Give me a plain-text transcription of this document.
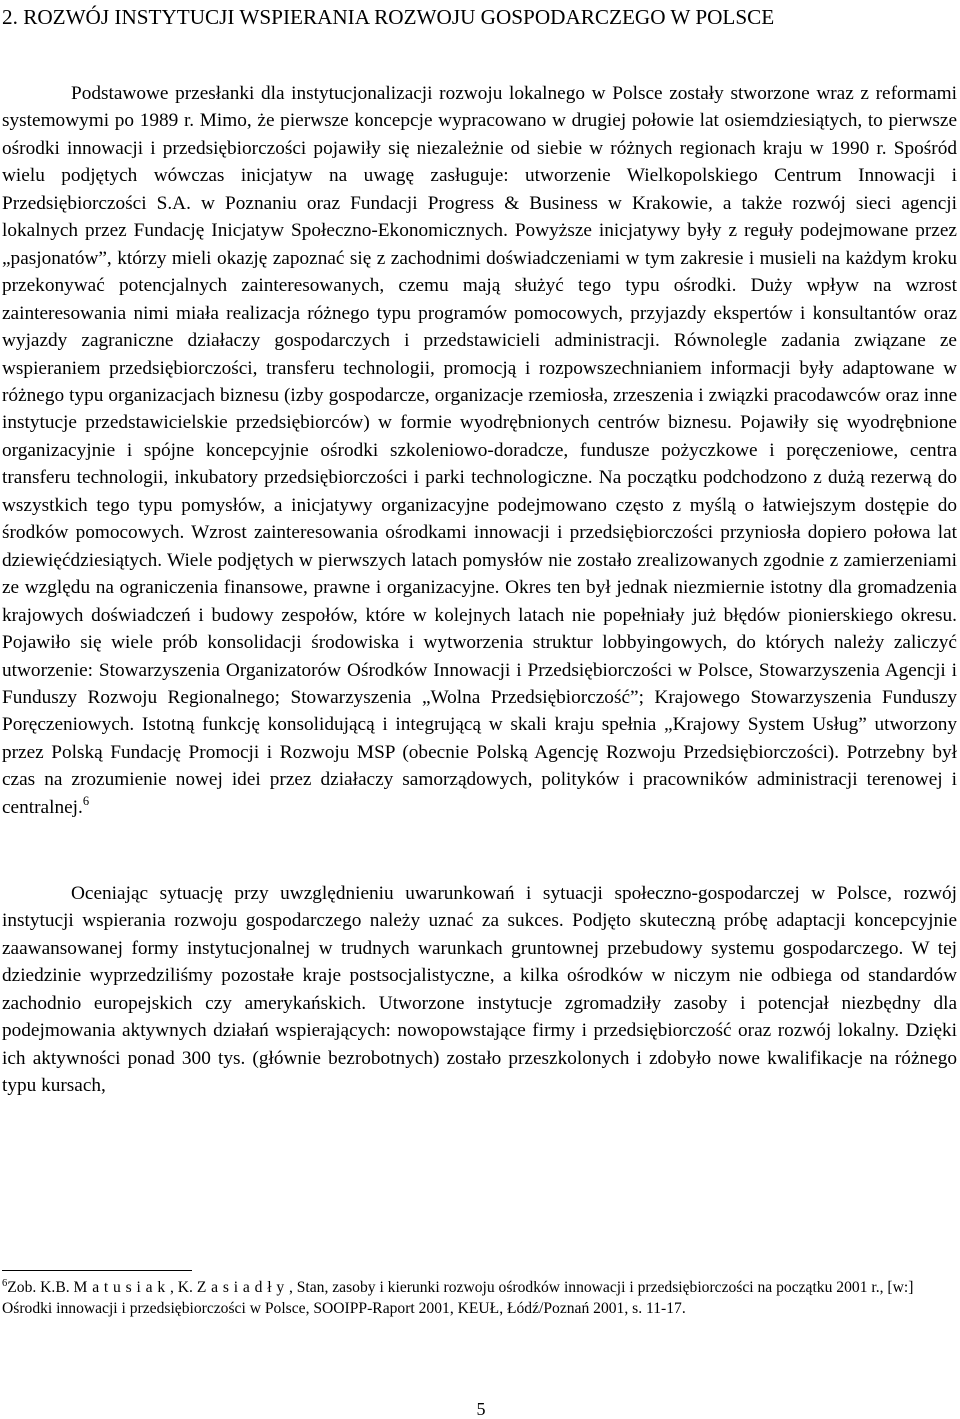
2. ROZWÓJ INSTYTUCJI WSPIERANIA ROZWOJU GOSPODARCZEGO W POLSCE

Podstawowe przesłanki dla instytucjonalizacji rozwoju lokalnego w Polsce zostały stworzone wraz z reformami systemowymi po 1989 r. Mimo, że pierwsze koncepcje wypracowano w drugiej połowie lat osiemdziesiątych, to pierwsze ośrodki innowacji i przedsiębiorczości pojawiły się niezależnie od siebie w różnych regionach kraju w 1990 r. Spośród wielu podjętych wówczas inicjatyw na uwagę zasługuje: utworzenie Wielkopolskiego Centrum Innowacji i Przedsiębiorczości S.A. w Poznaniu oraz Fundacji Progress & Business w Krakowie, a także rozwój sieci agencji lokalnych przez Fundację Inicjatyw Społeczno-Ekonomicznych. Powyższe inicjatywy były z reguły podejmowane przez „pasjonatów”, którzy mieli okazję zapoznać się z zachodnimi doświadczeniami w tym zakresie i musieli na każdym kroku przekonywać potencjalnych zainteresowanych, czemu mają służyć tego typu ośrodki. Duży wpływ na wzrost zainteresowania nimi miała realizacja różnego typu programów pomocowych, przyjazdy ekspertów i konsultantów oraz wyjazdy zagraniczne działaczy gospodarczych i przedstawicieli administracji. Równolegle zadania związane ze wspieraniem przedsiębiorczości, transferu technologii, promocją i rozpowszechnianiem informacji były adaptowane w różnego typu organizacjach biznesu (izby gospodarcze, organizacje rzemiosła, zrzeszenia i związki pracodawców oraz inne instytucje przedstawicielskie przedsiębiorców) w formie wyodrębnionych centrów biznesu. Pojawiły się wyodrębnione organizacyjnie i spójne koncepcyjnie ośrodki szkoleniowo-doradcze, fundusze pożyczkowe i poręczeniowe, centra transferu technologii, inkubatory przedsiębiorczości i parki technologiczne. Na początku podchodzono z dużą rezerwą do wszystkich tego typu pomysłów, a inicjatywy organizacyjne podejmowano często z myślą o łatwiejszym dostępie do środków pomocowych. Wzrost zainteresowania ośrodkami innowacji i przedsiębiorczości przyniosła dopiero połowa lat dziewięćdziesiątych. Wiele podjętych w pierwszych latach pomysłów nie zostało zrealizowanych zgodnie z zamierzeniami ze względu na ograniczenia finansowe, prawne i organizacyjne. Okres ten był jednak niezmiernie istotny dla gromadzenia krajowych doświadczeń i budowy zespołów, które w kolejnych latach nie popełniały już błędów pionierskiego okresu. Pojawiło się wiele prób konsolidacji środowiska i wytworzenia struktur lobbyingowych, do których należy zaliczyć utworzenie: Stowarzyszenia Organizatorów Ośrodków Innowacji i Przedsiębiorczości w Polsce, Stowarzyszenia Agencji i Funduszy Rozwoju Regionalnego; Stowarzyszenia „Wolna Przedsiębiorczość”; Krajowego Stowarzyszenia Funduszy Poręczeniowych. Istotną funkcję konsolidującą i integrującą w skali kraju spełnia „Krajowy System Usług” utworzony przez Polską Fundację Promocji i Rozwoju MSP (obecnie Polską Agencję Rozwoju Przedsiębiorczości). Potrzebny był czas na zrozumienie nowej idei przez działaczy samorządowych, polityków i pracowników administracji terenowej i centralnej.$^6$

Oceniając sytuację przy uwzględnieniu uwarunkowań i sytuacji społeczno-gospodarczej w Polsce, rozwój instytucji wspierania rozwoju gospodarczego należy uznać za sukces. Podjęto skuteczną próbę adaptacji koncepcyjnie zaawansowanej formy instytucjonalnej w trudnych warunkach gruntownej przebudowy systemu gospodarczego. W tej dziedzinie wyprzedziliśmy pozostałe kraje postsocjalistyczne, a kilka ośrodków w niczym nie odbiega od standardów zachodnio europejskich czy amerykańskich. Utworzone instytucje zgromadziły zasoby i potencjał niezbędny dla podejmowania aktywnych działań wspierających: nowopowstające firmy i przedsiębiorczość oraz rozwój lokalny. Dzięki ich aktywności ponad 300 tys. (głównie bezrobotnych) zostało przeszkolonych i zdobyło nowe kwalifikacje na różnego typu kursach,

$^6$Zob. K.B. Matusiak, K. Zasiadły, Stan, zasoby i kierunki rozwoju ośrodków innowacji i przedsiębiorczości na początku 2001 r., [w:] Ośrodki innowacji i przedsiębiorczości w Polsce, SOOIPP-Raport 2001, KEUŁ, Łódź/Poznań 2001, s. 11-17.

5
